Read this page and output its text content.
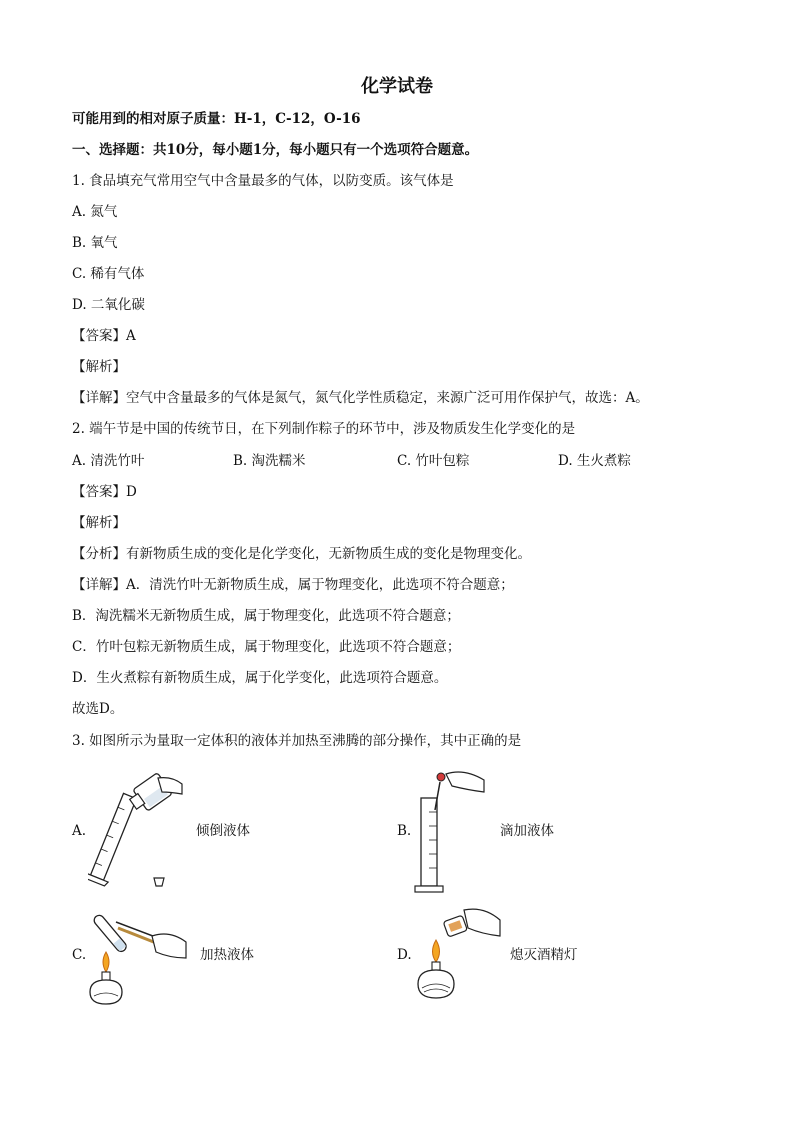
化学试卷
可能用到的相对原子质量：H-1，C-12，O-16
一、选择题：共10分，每小题1分，每小题只有一个选项符合题意。
1. 食品填充气常用空气中含量最多的气体，以防变质。该气体是
A. 氮气
B. 氧气
C. 稀有气体
D. 二氧化碳
【答案】A
【解析】
【详解】空气中含量最多的气体是氮气，氮气化学性质稳定，来源广泛可用作保护气，故选：A。
2. 端午节是中国的传统节日，在下列制作粽子的环节中，涉及物质发生化学变化的是
A. 清洗竹叶	B. 淘洗糯米	C. 竹叶包粽	D. 生火煮粽
【答案】D
【解析】
【分析】有新物质生成的变化是化学变化，无新物质生成的变化是物理变化。
【详解】A．清洗竹叶无新物质生成，属于物理变化，此选项不符合题意；
B．淘洗糯米无新物质生成，属于物理变化，此选项不符合题意；
C．竹叶包粽无新物质生成，属于物理变化，此选项不符合题意；
D．生火煮粽有新物质生成，属于化学变化，此选项符合题意。
故选D。
3. 如图所示为量取一定体积的液体并加热至沸腾的部分操作，其中正确的是
A.	倾倒液体	B.	滴加液体
C.	加热液体	D.	熄灭酒精灯
